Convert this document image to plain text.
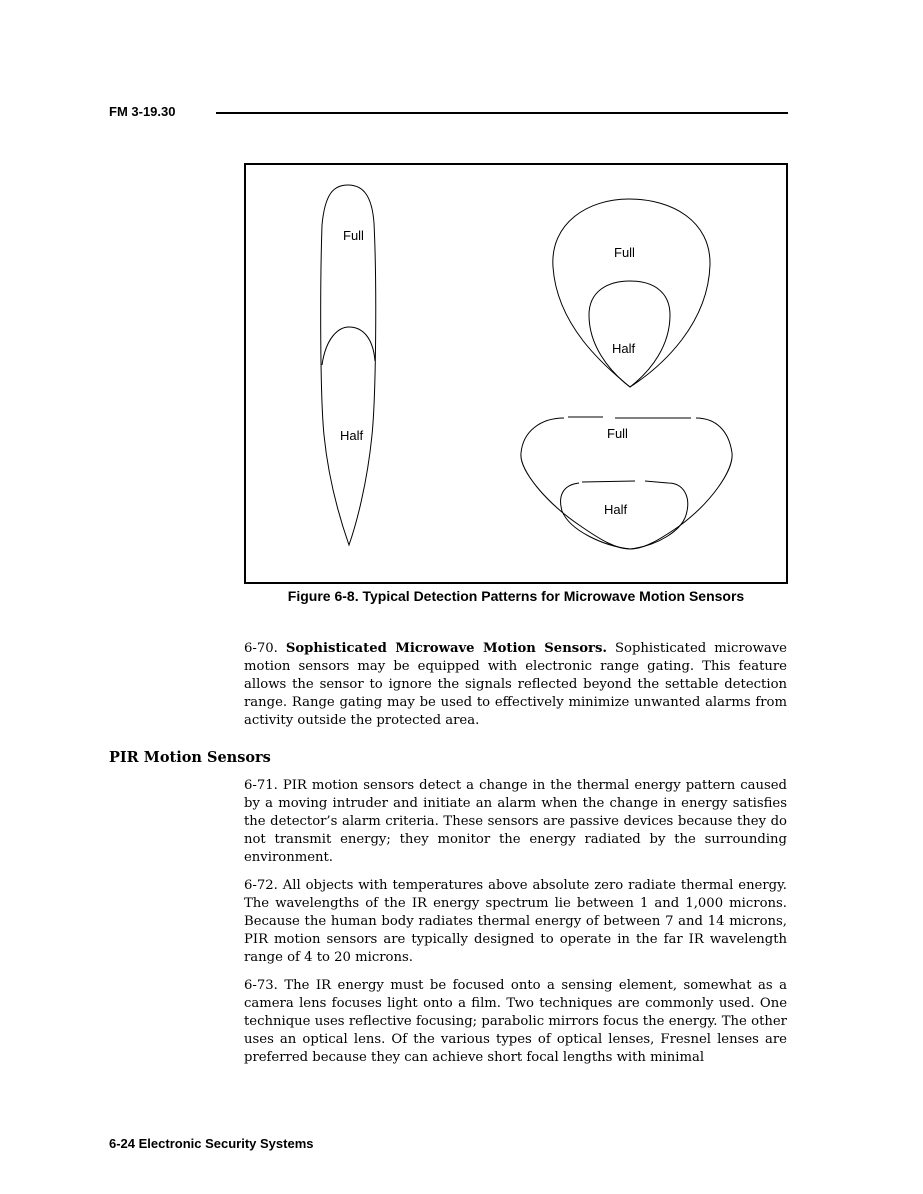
FM 3-19.30
Full
Half
Full
Half
Full
Half
Figure 6-8. Typical Detection Patterns for Microwave Motion Sensors

6-70. Sophisticated Microwave Motion Sensors. Sophisticated microwave motion sensors may be equipped with electronic range gating. This feature allows the sensor to ignore the signals reflected beyond the settable detection range. Range gating may be used to effectively minimize unwanted alarms from activity outside the protected area.

PIR Motion Sensors

6-71. PIR motion sensors detect a change in the thermal energy pattern caused by a moving intruder and initiate an alarm when the change in energy satisfies the detector’s alarm criteria. These sensors are passive devices because they do not transmit energy; they monitor the energy radiated by the surrounding environment.

6-72. All objects with temperatures above absolute zero radiate thermal energy. The wavelengths of the IR energy spectrum lie between 1 and 1,000 microns. Because the human body radiates thermal energy of between 7 and 14 microns, PIR motion sensors are typically designed to operate in the far IR wavelength range of 4 to 20 microns.

6-73. The IR energy must be focused onto a sensing element, somewhat as a camera lens focuses light onto a film. Two techniques are commonly used. One technique uses reflective focusing; parabolic mirrors focus the energy. The other uses an optical lens. Of the various types of optical lenses, Fresnel lenses are preferred because they can achieve short focal lengths with minimal

6-24 Electronic Security Systems
